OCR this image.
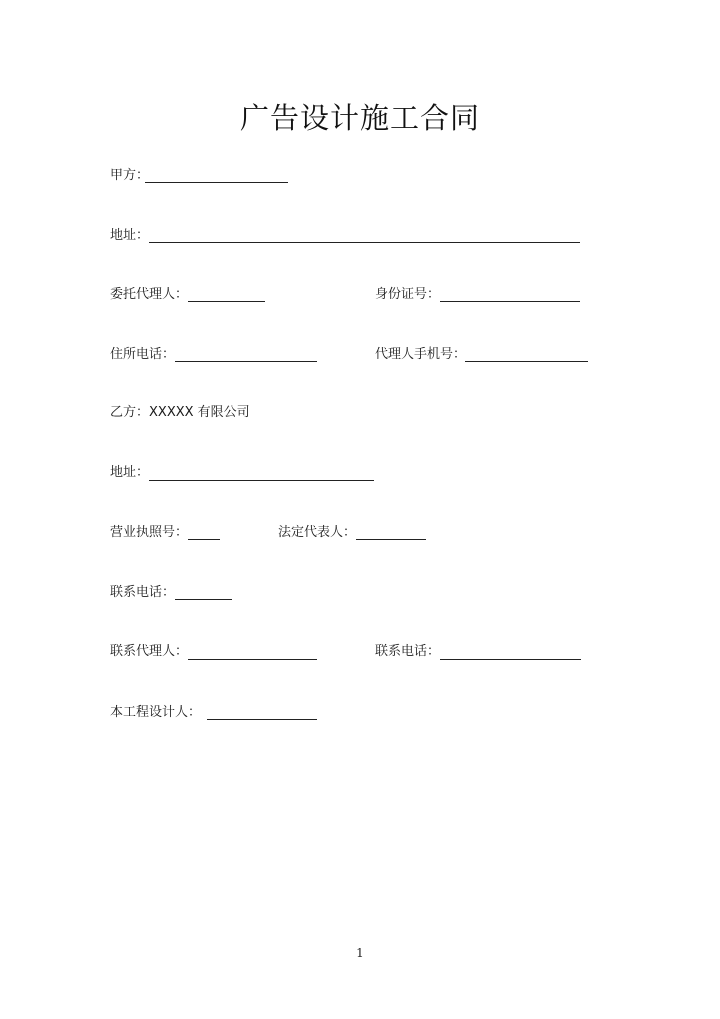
广告设计施工合同
甲方：
地址：
委托代理人：	身份证号：
住所电话：	代理人手机号：
乙方：XXXXX 有限公司
地址：
营业执照号：	法定代表人：
联系电话：
联系代理人：	联系电话：
本工程设计人：
1
